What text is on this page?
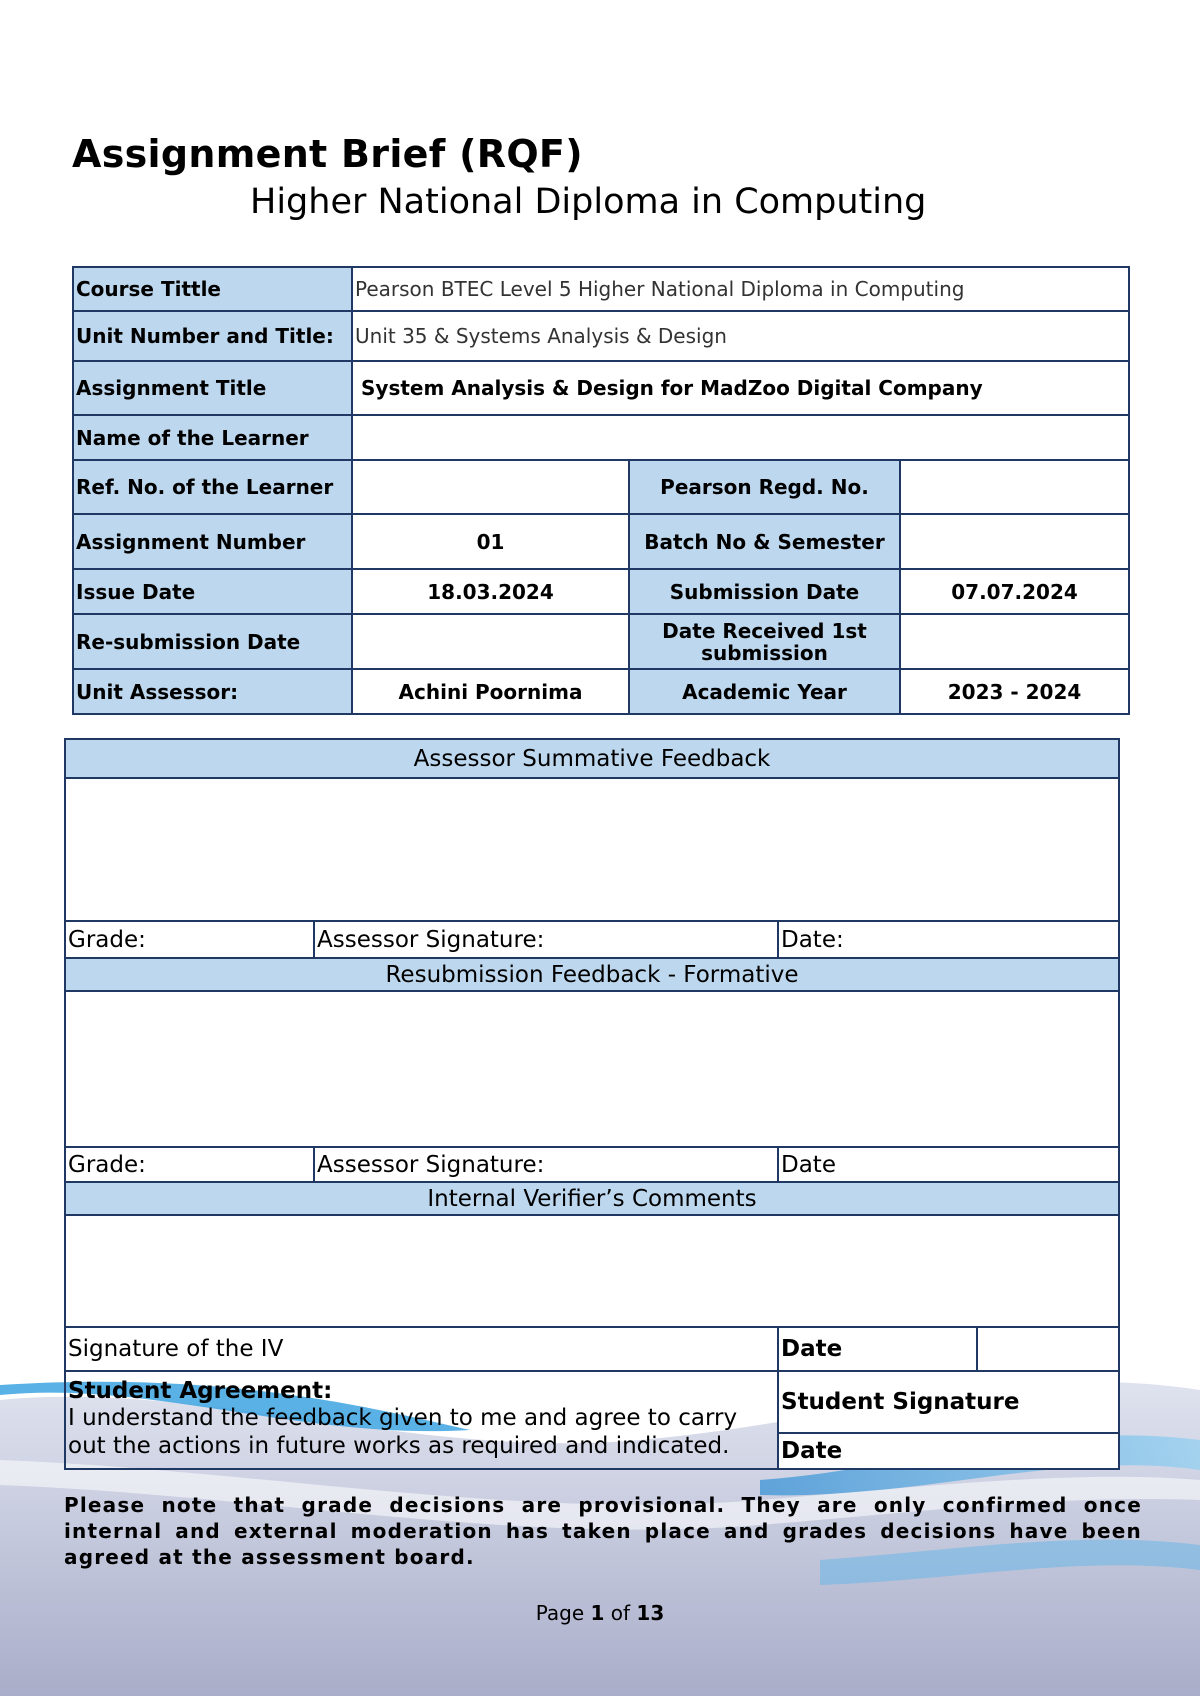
Assignment Brief (RQF)
Higher National Diploma in Computing
Course Tittle	Pearson BTEC Level 5 Higher National Diploma in Computing		
Unit Number and Title:	Unit 35 & Systems Analysis & Design		
Assignment Title	System Analysis & Design for MadZoo Digital Company		
Name of the Learner			
Ref. No. of the Learner		Pearson Regd. No.	
Assignment Number	01	Batch No & Semester	
Issue Date	18.03.2024	Submission Date	07.07.2024
Re-submission Date		Date Received 1st submission	
Unit Assessor:	Achini Poornima	Academic Year	2023 - 2024
Assessor Summative Feedback			

Grade:	Assessor Signature:	Date:	
Resubmission Feedback - Formative			

Grade:	Assessor Signature:	Date	
Internal Verifier’s Comments			

Signature of the IV		Date	

Student Agreement:
I understand the feedback given to me and agree to carry out the actions in future works as required and indicated.		Student Signature	
		Date	
Please note that grade decisions are provisional. They are only confirmed once internal and external moderation has taken place and grades decisions have been agreed at the assessment board.
Page 1 of 13
